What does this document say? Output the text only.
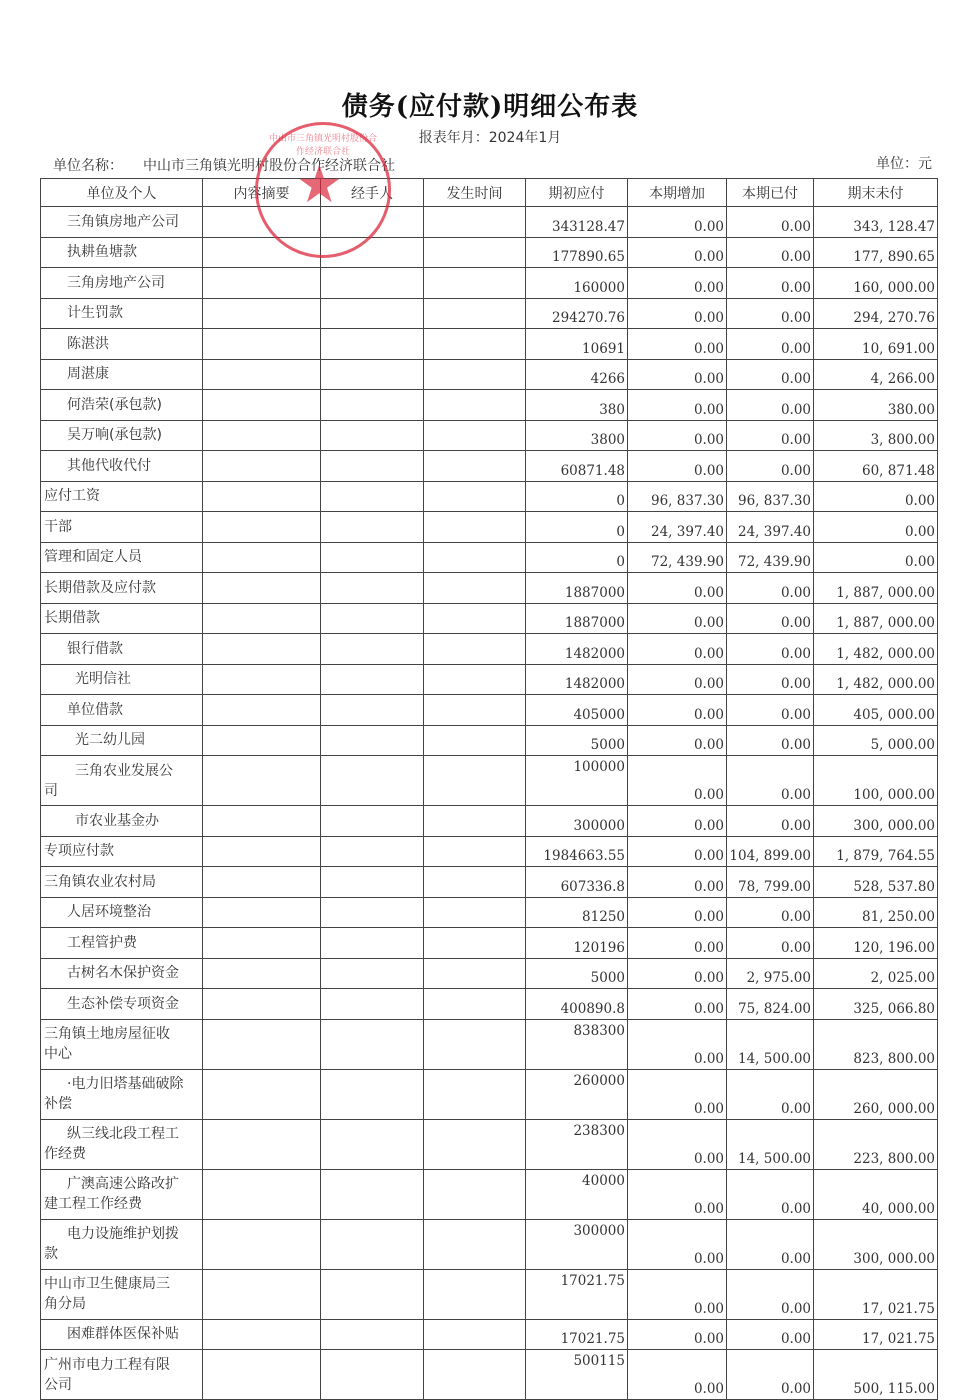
债务(应付款)明细公布表
报表年月：2024年1月
单位名称： 中山市三角镇光明村股份合作经济联合社	单位：元
单位及个人	内容摘要	经手人	发生时间	期初应付	本期增加	本期已付	期末未付
三角镇房地产公司				343128.47	0.00	0.00	343, 128.47
执耕鱼塘款				177890.65	0.00	0.00	177, 890.65
三角房地产公司				160000	0.00	0.00	160, 000.00
计生罚款				294270.76	0.00	0.00	294, 270.76
陈湛洪				10691	0.00	0.00	10, 691.00
周湛康				4266	0.00	0.00	4, 266.00
何浩荣(承包款)				380	0.00	0.00	380.00
吴万响(承包款)				3800	0.00	0.00	3, 800.00
其他代收代付				60871.48	0.00	0.00	60, 871.48
应付工资				0	96, 837.30	96, 837.30	0.00
干部				0	24, 397.40	24, 397.40	0.00
管理和固定人员				0	72, 439.90	72, 439.90	0.00
长期借款及应付款				1887000	0.00	0.00	1, 887, 000.00
长期借款				1887000	0.00	0.00	1, 887, 000.00
银行借款				1482000	0.00	0.00	1, 482, 000.00
光明信社				1482000	0.00	0.00	1, 482, 000.00
单位借款				405000	0.00	0.00	405, 000.00
光二幼儿园				5000	0.00	0.00	5, 000.00

三角农业发展公
司				100000	0.00	0.00	100, 000.00
市农业基金办				300000	0.00	0.00	300, 000.00
专项应付款				1984663.55	0.00	104, 899.00	1, 879, 764.55
三角镇农业农村局				607336.8	0.00	78, 799.00	528, 537.80
人居环境整治				81250	0.00	0.00	81, 250.00
工程管护费				120196	0.00	0.00	120, 196.00
古树名木保护资金				5000	0.00	2, 975.00	2, 025.00
生态补偿专项资金				400890.8	0.00	75, 824.00	325, 066.80

三角镇土地房屋征收
中心				838300	0.00	14, 500.00	823, 800.00

·电力旧塔基础破除
补偿				260000	0.00	0.00	260, 000.00

纵三线北段工程工
作经费				238300	0.00	14, 500.00	223, 800.00

广澳高速公路改扩
建工程工作经费				40000	0.00	0.00	40, 000.00

电力设施维护划拨
款				300000	0.00	0.00	300, 000.00

中山市卫生健康局三
角分局				17021.75	0.00	0.00	17, 021.75
困难群体医保补贴				17021.75	0.00	0.00	17, 021.75

广州市电力工程有限
公司				500115	0.00	0.00	500, 115.00
中山市三角镇光明村股份合作经济联合社
★
